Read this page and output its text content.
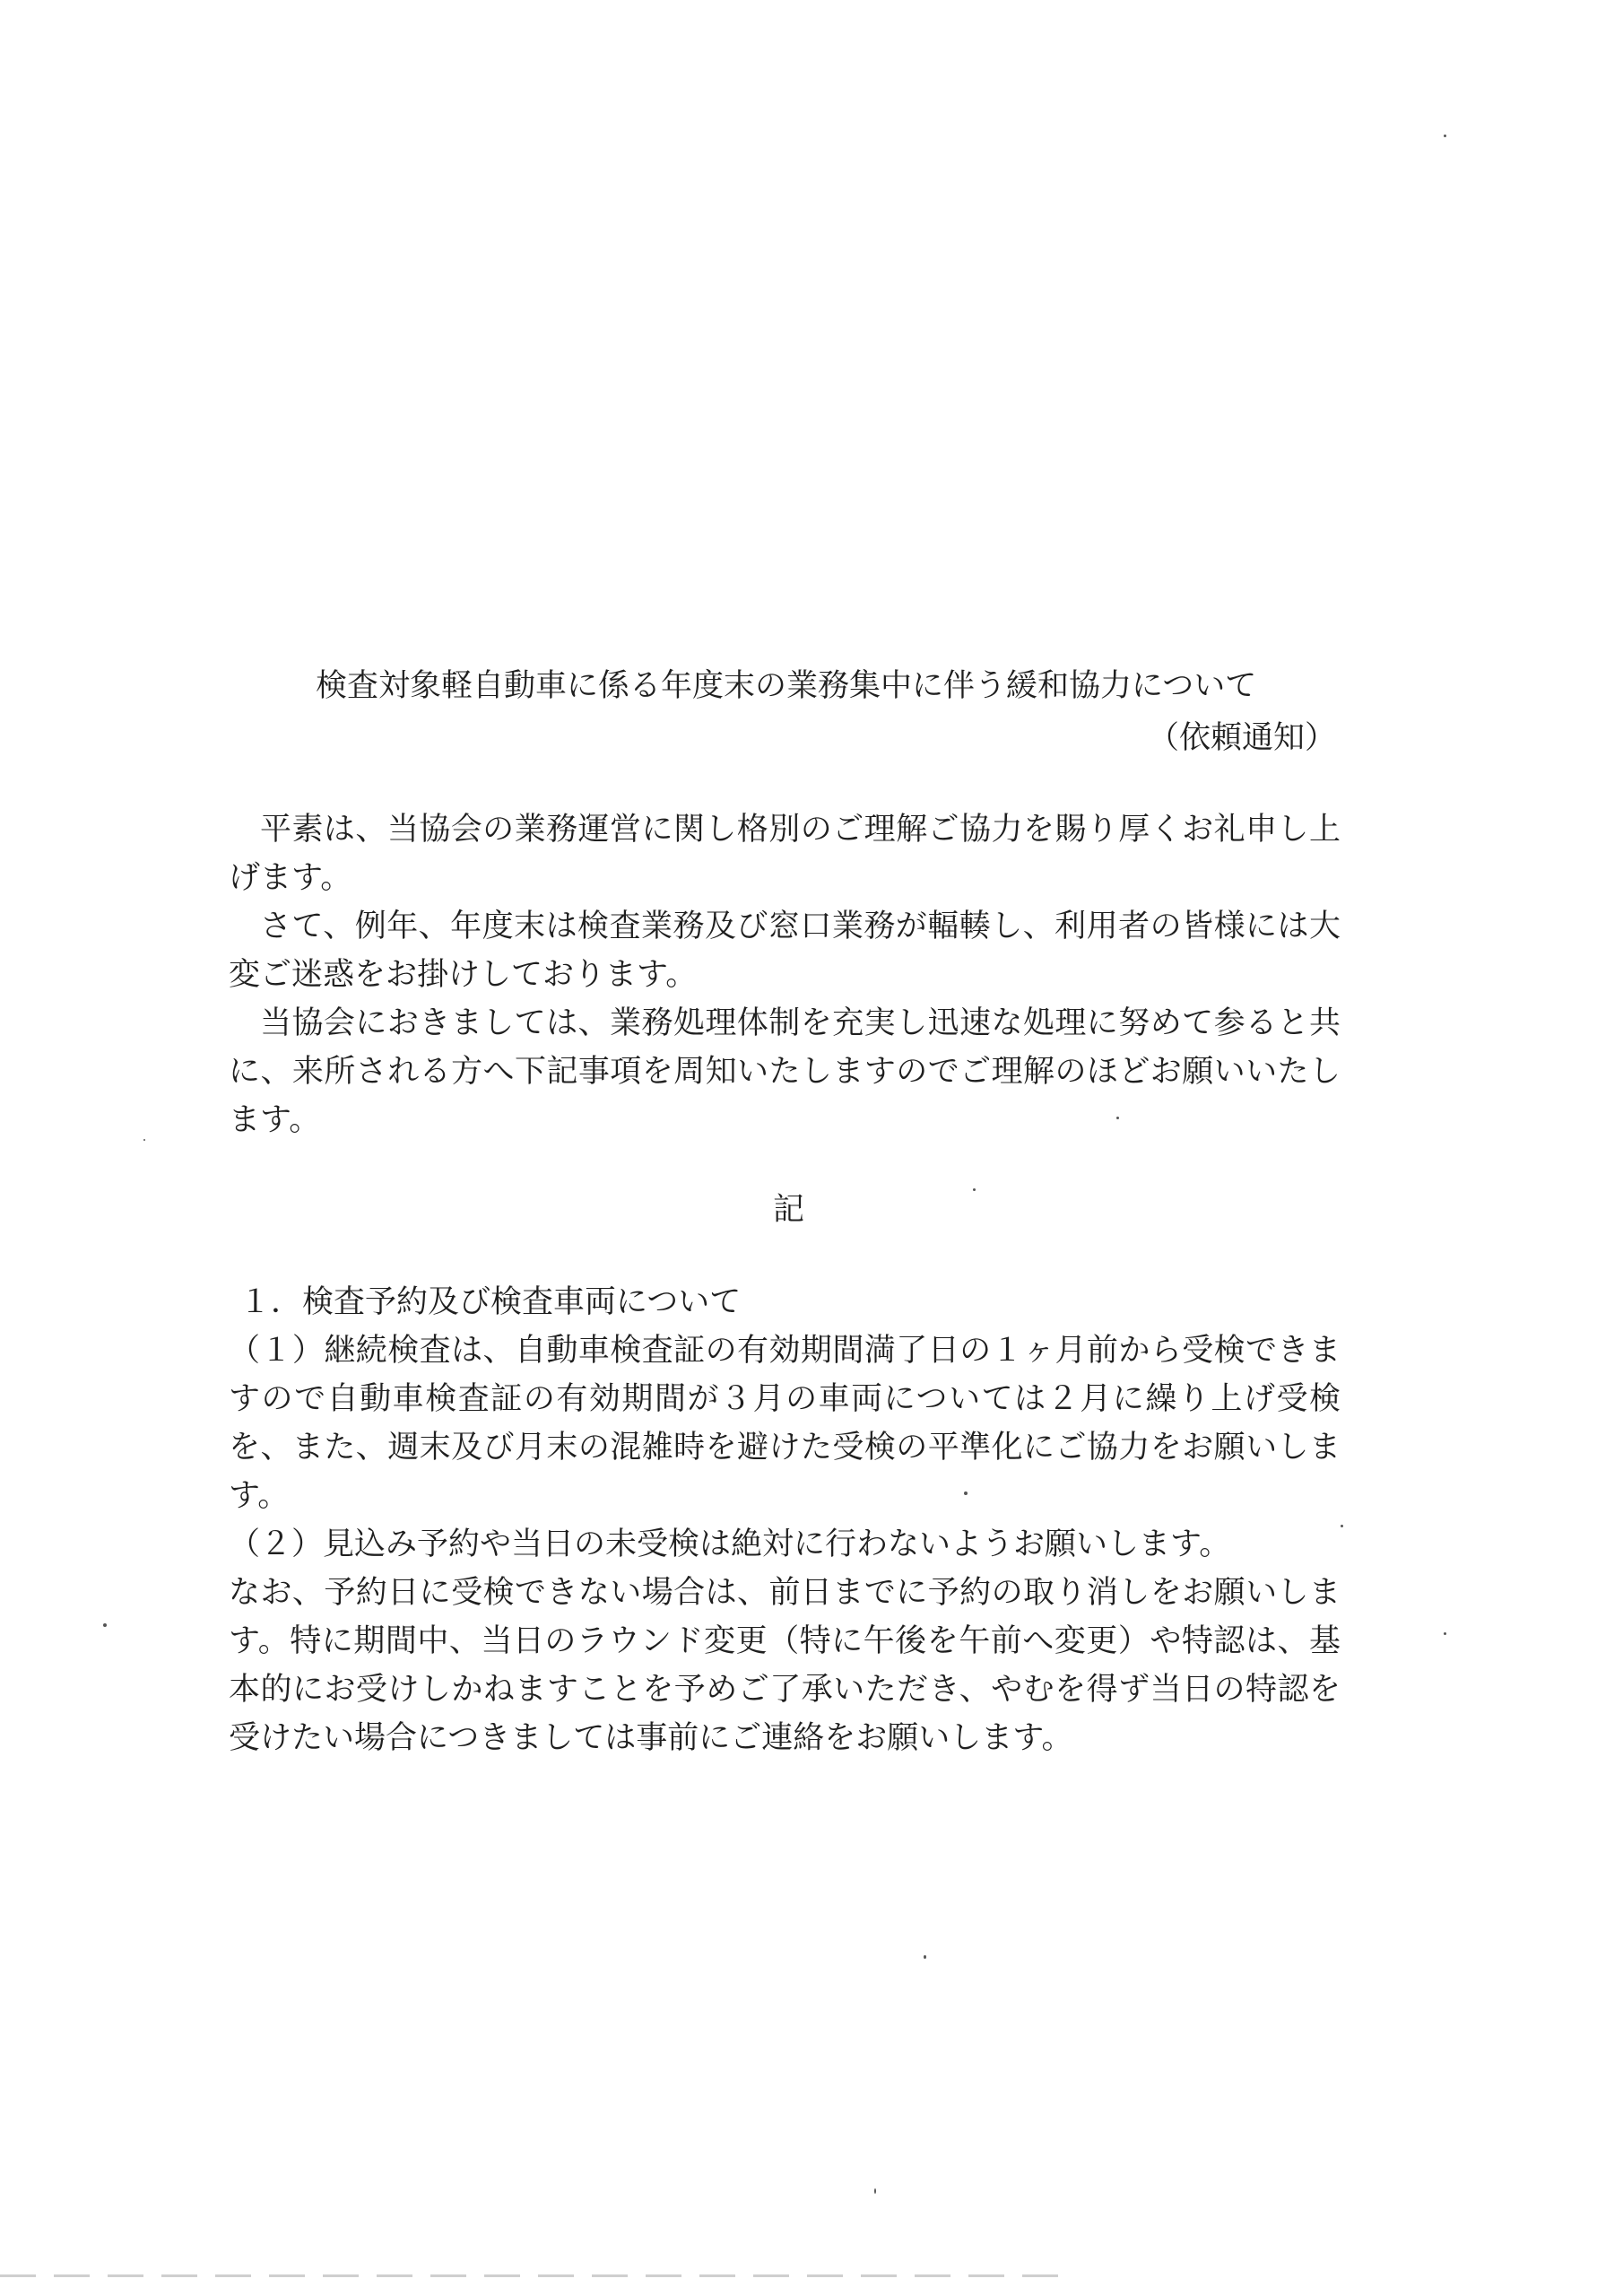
検査対象軽自動車に係る年度末の業務集中に伴う緩和協力について
（依頼通知）

平素は、当協会の業務運営に関し格別のご理解ご協力を賜り厚くお礼申し上げます。

さて、例年、年度末は検査業務及び窓口業務が輻輳し、利用者の皆様には大変ご迷惑をお掛けしております。

当協会におきましては、業務処理体制を充実し迅速な処理に努めて参ると共に、来所される方へ下記事項を周知いたしますのでご理解のほどお願いいたします。

記

１．検査予約及び検査車両について

（１）継続検査は、自動車検査証の有効期間満了日の１ヶ月前から受検できますので自動車検査証の有効期間が３月の車両については２月に繰り上げ受検を、また、週末及び月末の混雑時を避けた受検の平準化にご協力をお願いします。

（２）見込み予約や当日の未受検は絶対に行わないようお願いします。

なお、予約日に受検できない場合は、前日までに予約の取り消しをお願いします。特に期間中、当日のラウンド変更（特に午後を午前へ変更）や特認は、基本的にお受けしかねますことを予めご了承いただき、やむを得ず当日の特認を受けたい場合につきましては事前にご連絡をお願いします。
